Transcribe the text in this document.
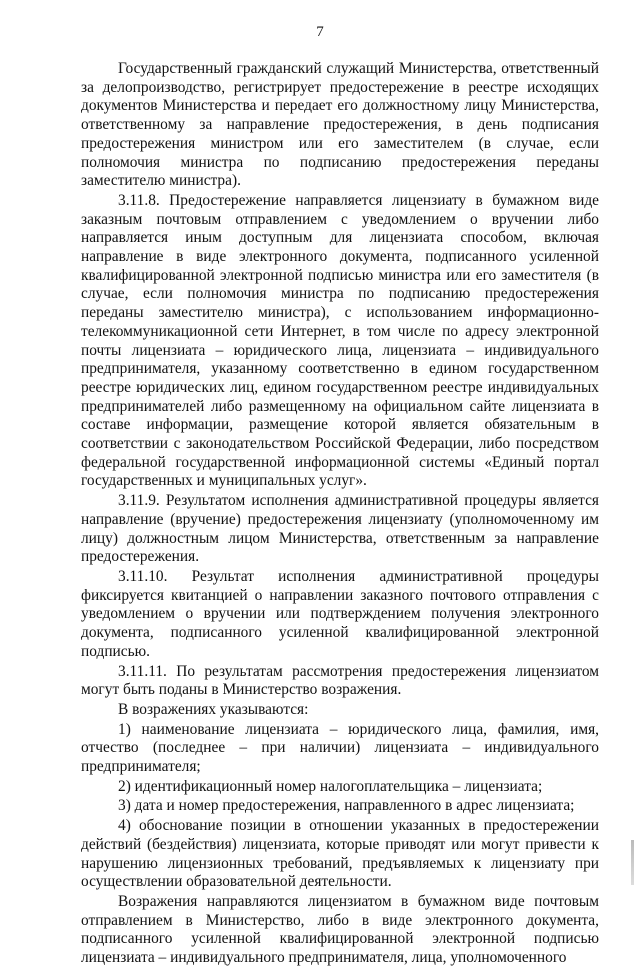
7

Государственный гражданский служащий Министерства, ответственный за делопроизводство, регистрирует предостережение в реестре исходящих документов Министерства и передает его должностному лицу Министерства, ответственному за направление предостережения, в день подписания предостережения министром или его заместителем (в случае, если полномочия министра по подписанию предостережения переданы заместителю министра).

3.11.8. Предостережение направляется лицензиату в бумажном виде заказным почтовым отправлением с уведомлением о вручении либо направляется иным доступным для лицензиата способом, включая направление в виде электронного документа, подписанного усиленной квалифицированной электронной подписью министра или его заместителя (в случае, если полномочия министра по подписанию предостережения переданы заместителю министра), с использованием информационно-телекоммуникационной сети Интернет, в том числе по адресу электронной почты лицензиата – юридического лица, лицензиата – индивидуального предпринимателя, указанному соответственно в едином государственном реестре юридических лиц, едином государственном реестре индивидуальных предпринимателей либо размещенному на официальном сайте лицензиата в составе информации, размещение которой является обязательным в соответствии с законодательством Российской Федерации, либо посредством федеральной государственной информационной системы «Единый портал государственных и муниципальных услуг».

3.11.9. Результатом исполнения административной процедуры является направление (вручение) предостережения лицензиату (уполномоченному им лицу) должностным лицом Министерства, ответственным за направление предостережения.

3.11.10. Результат исполнения административной процедуры фиксируется квитанцией о направлении заказного почтового отправления с уведомлением о вручении или подтверждением получения электронного документа, подписанного усиленной квалифицированной электронной подписью.

3.11.11. По результатам рассмотрения предостережения лицензиатом могут быть поданы в Министерство возражения.

В возражениях указываются:

1) наименование лицензиата – юридического лица, фамилия, имя, отчество (последнее – при наличии) лицензиата – индивидуального предпринимателя;

2) идентификационный номер налогоплательщика – лицензиата;

3) дата и номер предостережения, направленного в адрес лицензиата;

4) обоснование позиции в отношении указанных в предостережении действий (бездействия) лицензиата, которые приводят или могут привести к нарушению лицензионных требований, предъявляемых к лицензиату при осуществлении образовательной деятельности.

Возражения направляются лицензиатом в бумажном виде почтовым отправлением в Министерство, либо в виде электронного документа, подписанного усиленной квалифицированной электронной подписью лицензиата – индивидуального предпринимателя, лица, уполномоченного
